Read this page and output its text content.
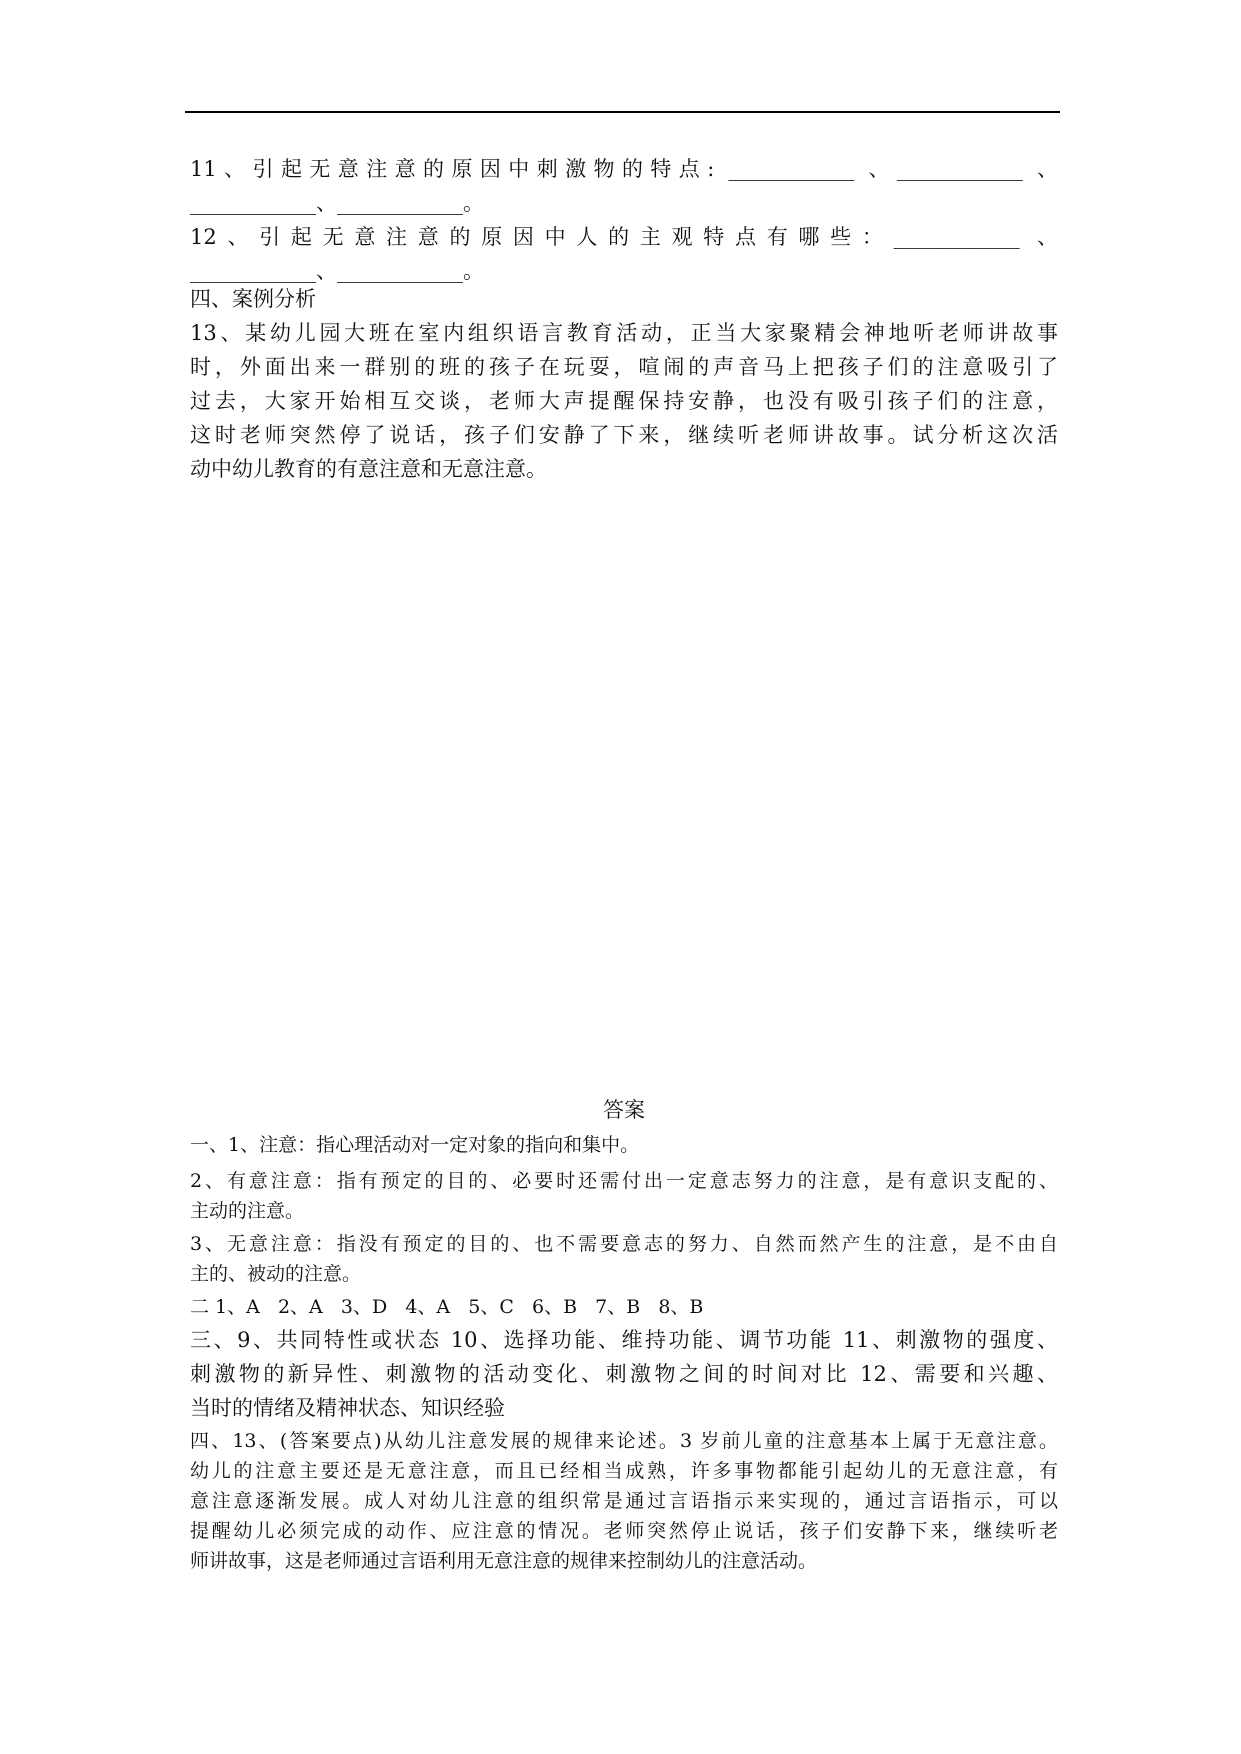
11、引起无意注意的原因中刺激物的特点: ____________ 、____________ 、
____________、____________。
12、引起无意注意的原因中人的主观特点有哪些：____________ 、
____________、____________。
四、案例分析
13、某幼儿园大班在室内组织语言教育活动，正当大家聚精会神地听老师讲故事
时，外面出来一群别的班的孩子在玩耍，喧闹的声音马上把孩子们的注意吸引了
过去，大家开始相互交谈，老师大声提醒保持安静，也没有吸引孩子们的注意，
这时老师突然停了说话，孩子们安静了下来，继续听老师讲故事。试分析这次活
动中幼儿教育的有意注意和无意注意。
答案
一、1、注意：指心理活动对一定对象的指向和集中。
2、有意注意：指有预定的目的、必要时还需付出一定意志努力的注意，是有意识支配的、
主动的注意。
3、无意注意：指没有预定的目的、也不需要意志的努力、自然而然产生的注意，是不由自
主的、被动的注意。
二 1、A   2、A   3、D   4、A   5、C   6、B   7、B   8、B
三、9、共同特性或状态 10、选择功能、维持功能、调节功能 11、刺激物的强度、
刺激物的新异性、刺激物的活动变化、刺激物之间的时间对比 12、需要和兴趣、
当时的情绪及精神状态、知识经验
四、13、(答案要点)从幼儿注意发展的规律来论述。3 岁前儿童的注意基本上属于无意注意。
幼儿的注意主要还是无意注意，而且已经相当成熟，许多事物都能引起幼儿的无意注意，有
意注意逐渐发展。成人对幼儿注意的组织常是通过言语指示来实现的，通过言语指示，可以
提醒幼儿必须完成的动作、应注意的情况。老师突然停止说话，孩子们安静下来，继续听老
师讲故事，这是老师通过言语利用无意注意的规律来控制幼儿的注意活动。
